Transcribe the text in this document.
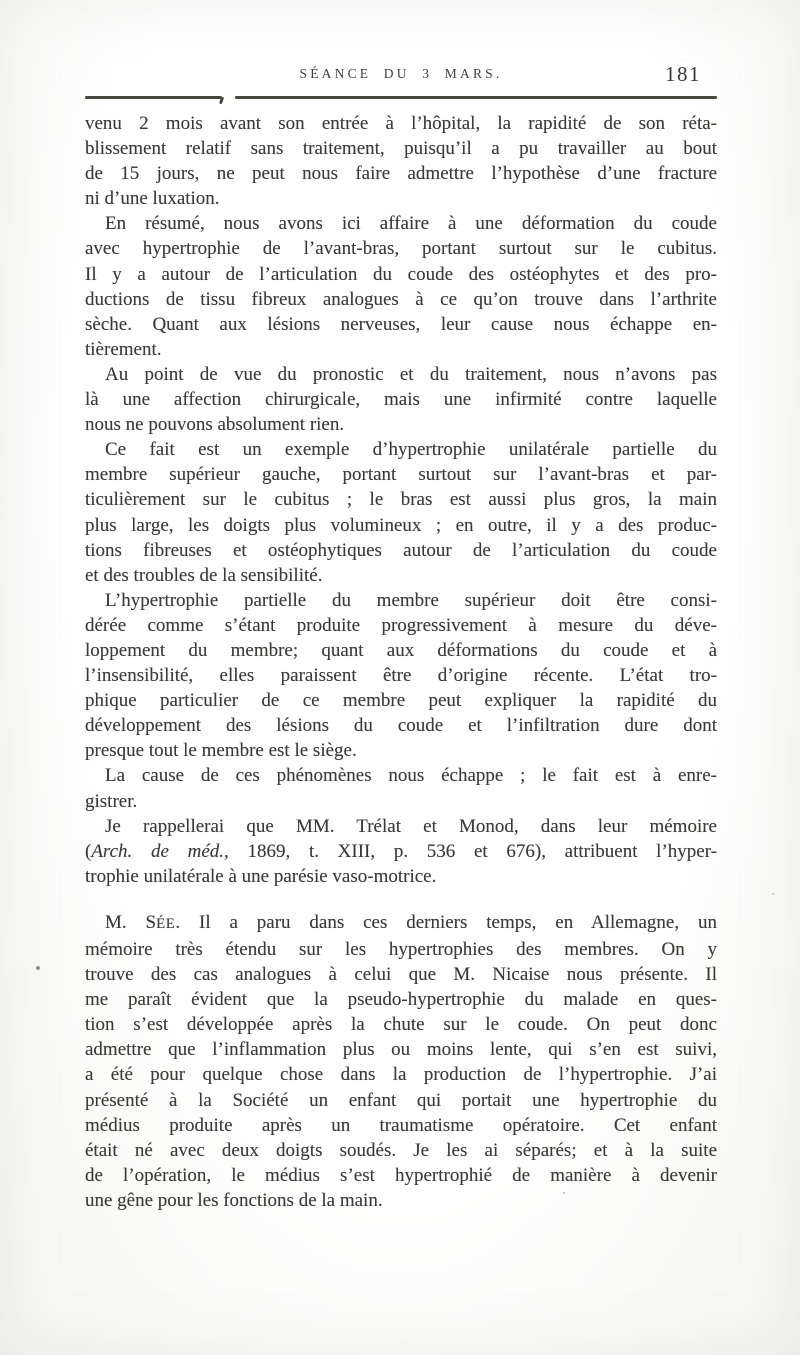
SÉANCE DU 3 MARS.	181
venu 2 mois avant son entrée à l’hôpital, la rapidité de son réta-
blissement relatif sans traitement, puisqu’il a pu travailler au bout
de 15 jours, ne peut nous faire admettre l’hypothèse d’une fracture
ni d’une luxation.
En résumé, nous avons ici affaire à une déformation du coude
avec hypertrophie de l’avant-bras, portant surtout sur le cubitus.
Il y a autour de l’articulation du coude des ostéophytes et des pro-
ductions de tissu fibreux analogues à ce qu’on trouve dans l’arthrite
sèche. Quant aux lésions nerveuses, leur cause nous échappe en-
tièrement.
Au point de vue du pronostic et du traitement, nous n’avons pas
là une affection chirurgicale, mais une infirmité contre laquelle
nous ne pouvons absolument rien.
Ce fait est un exemple d’hypertrophie unilatérale partielle du
membre supérieur gauche, portant surtout sur l’avant-bras et par-
ticulièrement sur le cubitus ; le bras est aussi plus gros, la main
plus large, les doigts plus volumineux ; en outre, il y a des produc-
tions fibreuses et ostéophytiques autour de l’articulation du coude
et des troubles de la sensibilité.
L’hypertrophie partielle du membre supérieur doit être consi-
dérée comme s’étant produite progressivement à mesure du déve-
loppement du membre; quant aux déformations du coude et à
l’insensibilité, elles paraissent être d’origine récente. L’état tro-
phique particulier de ce membre peut expliquer la rapidité du
développement des lésions du coude et l’infiltration dure dont
presque tout le membre est le siège.
La cause de ces phénomènes nous échappe ; le fait est à enre-
gistrer.
Je rappellerai que MM. Trélat et Monod, dans leur mémoire
(Arch. de méd., 1869, t. XIII, p. 536 et 676), attribuent l’hyper-
trophie unilatérale à une parésie vaso-motrice.
M. SÉE. Il a paru dans ces derniers temps, en Allemagne, un
mémoire très étendu sur les hypertrophies des membres. On y
trouve des cas analogues à celui que M. Nicaise nous présente. Il
me paraît évident que la pseudo-hypertrophie du malade en ques-
tion s’est développée après la chute sur le coude. On peut donc
admettre que l’inflammation plus ou moins lente, qui s’en est suivi,
a été pour quelque chose dans la production de l’hypertrophie. J’ai
présenté à la Société un enfant qui portait une hypertrophie du
médius produite après un traumatisme opératoire. Cet enfant
était né avec deux doigts soudés. Je les ai séparés; et à la suite
de l’opération, le médius s’est hypertrophié de manière à devenir
une gêne pour les fonctions de la main.
